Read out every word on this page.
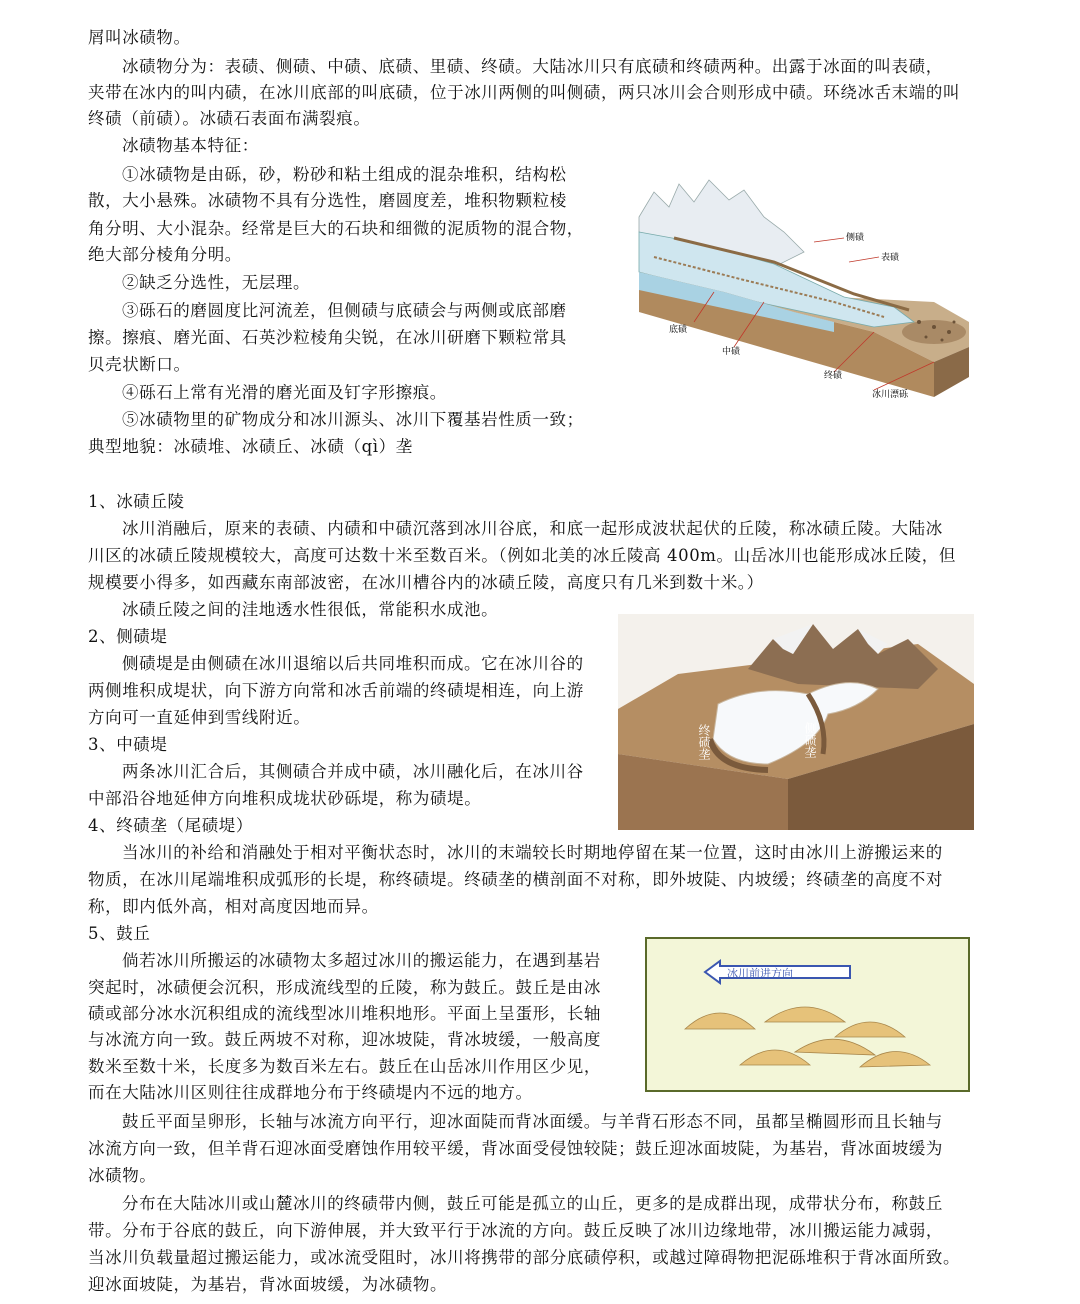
屑叫冰碛物。
冰碛物分为：表碛、侧碛、中碛、底碛、里碛、终碛。大陆冰川只有底碛和终碛两种。出露于冰面的叫表碛，
夹带在冰内的叫内碛，在冰川底部的叫底碛，位于冰川两侧的叫侧碛，两只冰川会合则形成中碛。环绕冰舌末端的叫
终碛（前碛）。冰碛石表面布满裂痕。
冰碛物基本特征：
①冰碛物是由砾，砂，粉砂和粘土组成的混杂堆积，结构松
散，大小悬殊。冰碛物不具有分选性，磨圆度差，堆积物颗粒棱
角分明、大小混杂。经常是巨大的石块和细微的泥质物的混合物，
绝大部分棱角分明。
②缺乏分选性，无层理。
③砾石的磨圆度比河流差，但侧碛与底碛会与两侧或底部磨
擦。擦痕、磨光面、石英沙粒棱角尖锐，在冰川研磨下颗粒常具
贝壳状断口。
④砾石上常有光滑的磨光面及钉字形擦痕。
⑤冰碛物里的矿物成分和冰川源头、冰川下覆基岩性质一致；
典型地貌：冰碛堆、冰碛丘、冰碛（qì）垄
1、冰碛丘陵
冰川消融后，原来的表碛、内碛和中碛沉落到冰川谷底，和底一起形成波状起伏的丘陵，称冰碛丘陵。大陆冰
川区的冰碛丘陵规模较大，高度可达数十米至数百米。（例如北美的冰丘陵高 400m。山岳冰川也能形成冰丘陵，但
规模要小得多，如西藏东南部波密，在冰川槽谷内的冰碛丘陵，高度只有几米到数十米。）
冰碛丘陵之间的洼地透水性很低，常能积水成池。
2、侧碛堤
侧碛堤是由侧碛在冰川退缩以后共同堆积而成。它在冰川谷的
两侧堆积成堤状，向下游方向常和冰舌前端的终碛堤相连，向上游
方向可一直延伸到雪线附近。
3、中碛堤
两条冰川汇合后，其侧碛合并成中碛，冰川融化后，在冰川谷
中部沿谷地延伸方向堆积成垅状砂砾堤，称为碛堤。
4、终碛垄（尾碛堤）
当冰川的补给和消融处于相对平衡状态时，冰川的末端较长时期地停留在某一位置，这时由冰川上游搬运来的
物质，在冰川尾端堆积成弧形的长堤，称终碛堤。终碛垄的横剖面不对称，即外坡陡、内坡缓；终碛垄的高度不对
称，即内低外高，相对高度因地而异。
5、鼓丘
倘若冰川所搬运的冰碛物太多超过冰川的搬运能力，在遇到基岩
突起时，冰碛便会沉积，形成流线型的丘陵，称为鼓丘。鼓丘是由冰
碛或部分冰水沉积组成的流线型冰川堆积地形。平面上呈蛋形，长轴
与冰流方向一致。鼓丘两坡不对称，迎冰坡陡，背冰坡缓，一般高度
数米至数十米，长度多为数百米左右。鼓丘在山岳冰川作用区少见，
而在大陆冰川区则往往成群地分布于终碛堤内不远的地方。
鼓丘平面呈卵形，长轴与冰流方向平行，迎冰面陡而背冰面缓。与羊背石形态不同，虽都呈椭圆形而且长轴与
冰流方向一致，但羊背石迎冰面受磨蚀作用较平缓，背冰面受侵蚀较陡；鼓丘迎冰面坡陡，为基岩，背冰面坡缓为
冰碛物。
分布在大陆冰川或山麓冰川的终碛带内侧，鼓丘可能是孤立的山丘，更多的是成群出现，成带状分布，称鼓丘
带。分布于谷底的鼓丘，向下游伸展，并大致平行于冰流的方向。鼓丘反映了冰川边缘地带，冰川搬运能力减弱，
当冰川负载量超过搬运能力，或冰流受阻时，冰川将携带的部分底碛停积，或越过障碍物把泥砾堆积于背冰面所致。
迎冰面坡陡，为基岩，背冰面坡缓，为冰碛物。
侧碛
表碛
底碛
中碛
终碛
冰川漂砾
终碛垄	侧碛垄
冰川前进方向
